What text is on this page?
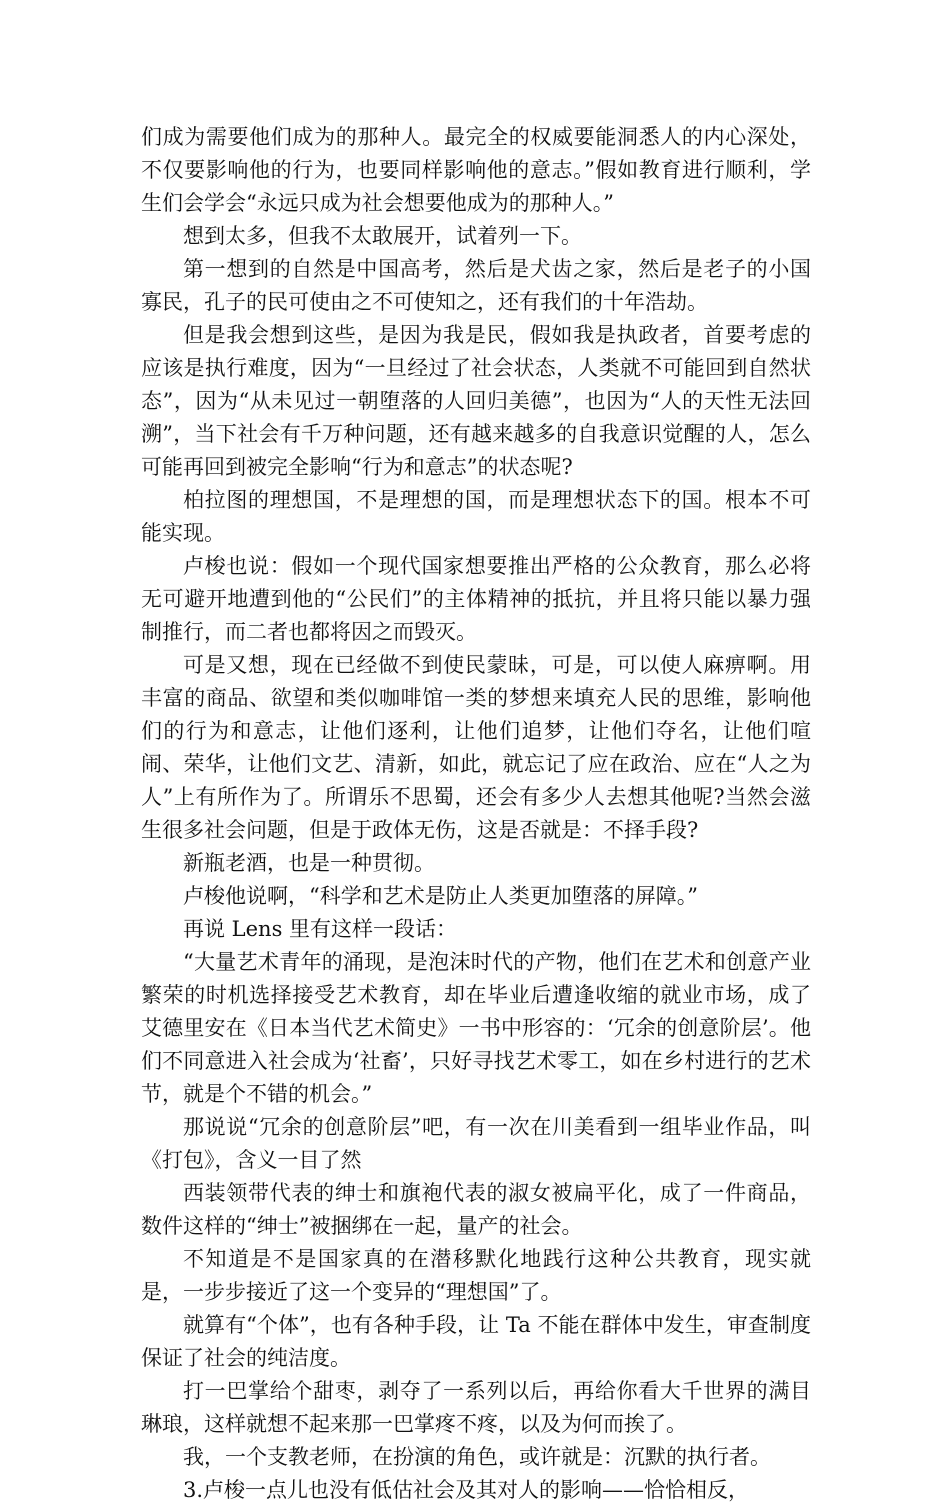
们成为需要他们成为的那种人。最完全的权威要能洞悉人的内心深处，不仅要影响他的行为，也要同样影响他的意志。”假如教育进行顺利，学生们会学会“永远只成为社会想要他成为的那种人。”

想到太多，但我不太敢展开，试着列一下。

第一想到的自然是中国高考，然后是犬齿之家，然后是老子的小国寡民，孔子的民可使由之不可使知之，还有我们的十年浩劫。

但是我会想到这些，是因为我是民，假如我是执政者，首要考虑的应该是执行难度，因为“一旦经过了社会状态，人类就不可能回到自然状态”，因为“从未见过一朝堕落的人回归美德”，也因为“人的天性无法回溯”，当下社会有千万种问题，还有越来越多的自我意识觉醒的人，怎么可能再回到被完全影响“行为和意志”的状态呢?

柏拉图的理想国，不是理想的国，而是理想状态下的国。根本不可能实现。

卢梭也说：假如一个现代国家想要推出严格的公众教育，那么必将无可避开地遭到他的“公民们”的主体精神的抵抗，并且将只能以暴力强制推行，而二者也都将因之而毁灭。

可是又想，现在已经做不到使民蒙昧，可是，可以使人麻痹啊。用丰富的商品、欲望和类似咖啡馆一类的梦想来填充人民的思维，影响他们的行为和意志，让他们逐利，让他们追梦，让他们夺名，让他们喧闹、荣华，让他们文艺、清新，如此，就忘记了应在政治、应在“人之为人”上有所作为了。所谓乐不思蜀，还会有多少人去想其他呢?当然会滋生很多社会问题，但是于政体无伤，这是否就是：不择手段?

新瓶老酒，也是一种贯彻。

卢梭他说啊，“科学和艺术是防止人类更加堕落的屏障。”

再说 Lens 里有这样一段话：

“大量艺术青年的涌现，是泡沫时代的产物，他们在艺术和创意产业繁荣的时机选择接受艺术教育，却在毕业后遭逢收缩的就业市场，成了艾德里安在《日本当代艺术简史》一书中形容的：‘冗余的创意阶层’。他们不同意进入社会成为‘社畜’，只好寻找艺术零工，如在乡村进行的艺术节，就是个不错的机会。”

那说说“冗余的创意阶层”吧，有一次在川美看到一组毕业作品，叫《打包》，含义一目了然

西装领带代表的绅士和旗袍代表的淑女被扁平化，成了一件商品，数件这样的“绅士”被捆绑在一起，量产的社会。

不知道是不是国家真的在潜移默化地践行这种公共教育，现实就是，一步步接近了这一个变异的“理想国”了。

就算有“个体”，也有各种手段，让 Ta 不能在群体中发生，审查制度保证了社会的纯洁度。

打一巴掌给个甜枣，剥夺了一系列以后，再给你看大千世界的满目琳琅，这样就想不起来那一巴掌疼不疼，以及为何而挨了。

我，一个支教老师，在扮演的角色，或许就是：沉默的执行者。

3.卢梭一点儿也没有低估社会及其对人的影响——恰恰相反，
